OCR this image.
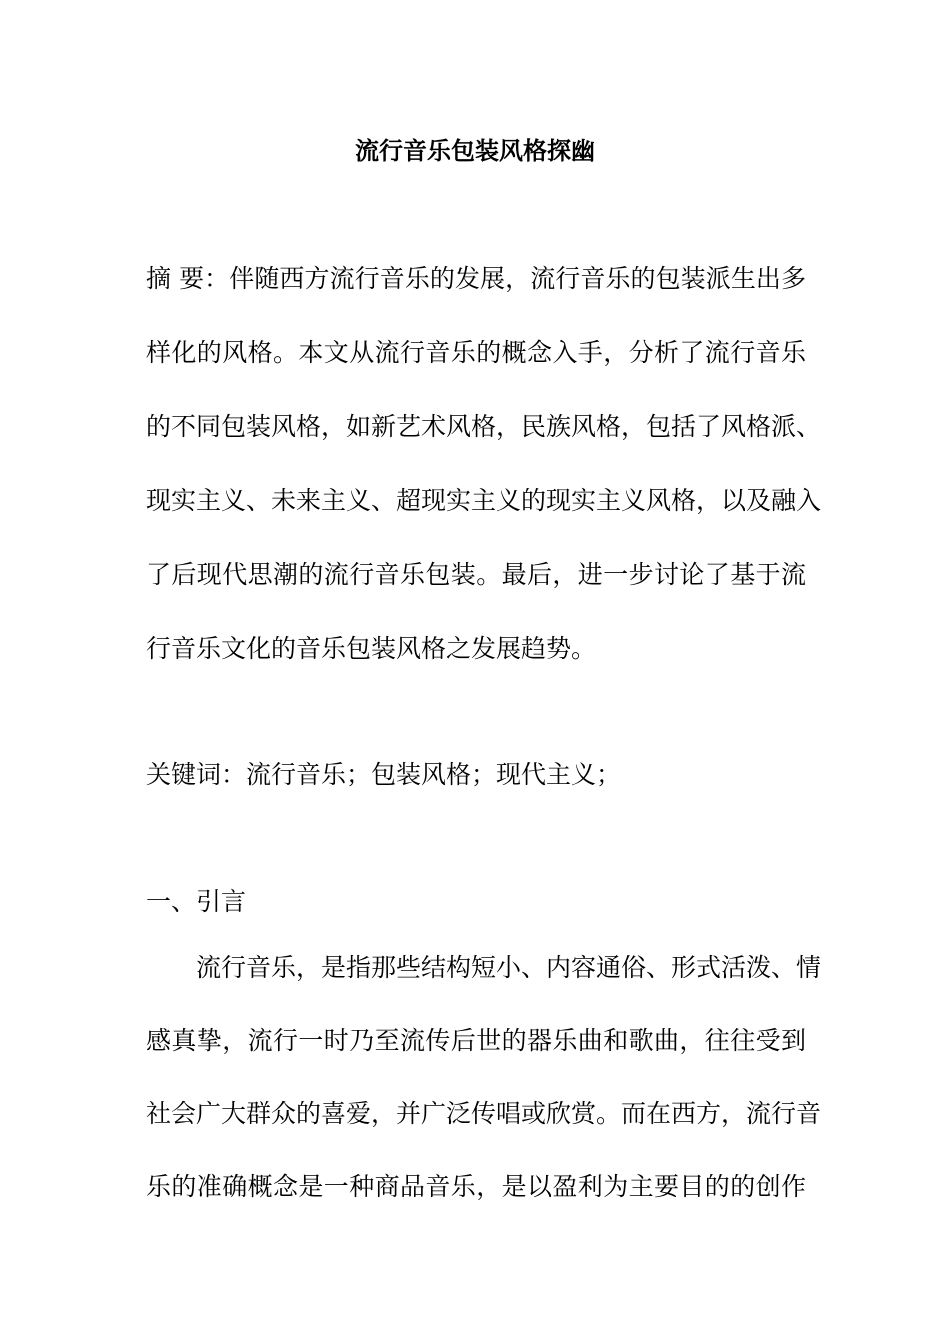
流行音乐包装风格探幽

摘 要：伴随西方流行音乐的发展，流行音乐的包装派生出多

样化的风格。本文从流行音乐的概念入手，分析了流行音乐

的不同包装风格，如新艺术风格，民族风格，包括了风格派、

现实主义、未来主义、超现实主义的现实主义风格，以及融入

了后现代思潮的流行音乐包装。最后，进一步讨论了基于流

行音乐文化的音乐包装风格之发展趋势。

关键词：流行音乐；包装风格；现代主义；

一、引言

流行音乐，是指那些结构短小、内容通俗、形式活泼、情

感真挚，流行一时乃至流传后世的器乐曲和歌曲，往往受到

社会广大群众的喜爱，并广泛传唱或欣赏。而在西方，流行音

乐的准确概念是一种商品音乐，是以盈利为主要目的的创作
